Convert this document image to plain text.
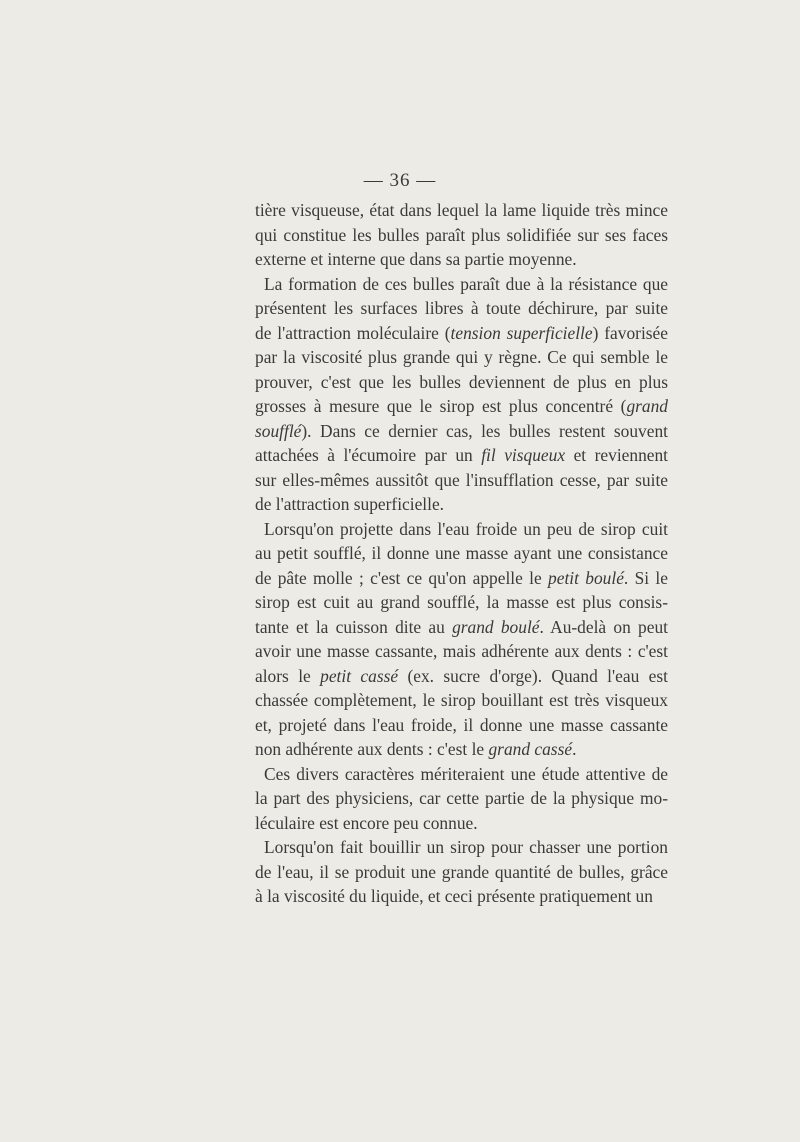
— 36 —

tière visqueuse, état dans lequel la lame liquide très mince

qui constitue les bulles paraît plus solidifiée sur ses faces

externe et interne que dans sa partie moyenne.

La formation de ces bulles paraît due à la résistance que

présentent les surfaces libres à toute déchirure, par suite

de l'attraction moléculaire (tension superficielle) favorisée

par la viscosité plus grande qui y règne. Ce qui semble le

prouver, c'est que les bulles deviennent de plus en plus

grosses à mesure que le sirop est plus concentré (grand

soufflé). Dans ce dernier cas, les bulles restent souvent

attachées à l'écumoire par un fil visqueux et reviennent

sur elles-mêmes aussitôt que l'insufflation cesse, par suite

de l'attraction superficielle.

Lorsqu'on projette dans l'eau froide un peu de sirop cuit

au petit soufflé, il donne une masse ayant une consistance

de pâte molle ; c'est ce qu'on appelle le petit boulé. Si le

sirop est cuit au grand soufflé, la masse est plus consis-

tante et la cuisson dite au grand boulé. Au-delà on peut

avoir une masse cassante, mais adhérente aux dents : c'est

alors le petit cassé (ex. sucre d'orge). Quand l'eau est

chassée complètement, le sirop bouillant est très visqueux

et, projeté dans l'eau froide, il donne une masse cassante

non adhérente aux dents : c'est le grand cassé.

Ces divers caractères mériteraient une étude attentive de

la part des physiciens, car cette partie de la physique mo-

léculaire est encore peu connue.

Lorsqu'on fait bouillir un sirop pour chasser une portion

de l'eau, il se produit une grande quantité de bulles, grâce

à la viscosité du liquide, et ceci présente pratiquement un
